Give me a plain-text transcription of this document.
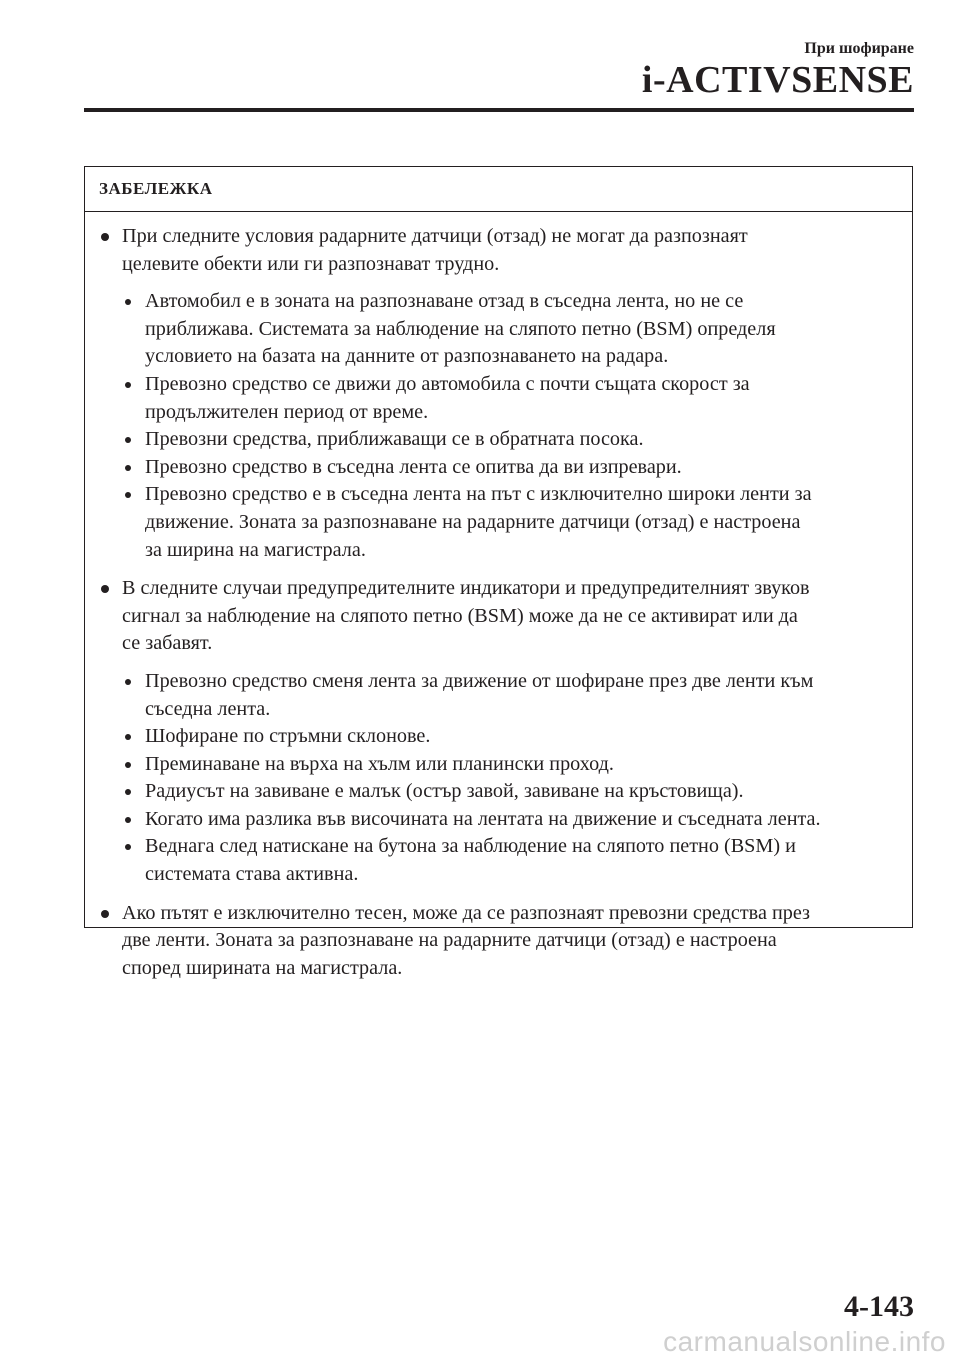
При шофиране
i-ACTIVSENSE
ЗАБЕЛЕЖКА
При следните условия радарните датчици (отзад) не могат да разпознаят
целевите обекти или ги разпознават трудно.
Автомобил е в зоната на разпознаване отзад в съседна лента, но не се
приближава. Системата за наблюдение на сляпото петно (BSM) определя
условието на базата на данните от разпознаването на радара.
Превозно средство се движи до автомобила с почти същата скорост за
продължителен период от време.
Превозни средства, приближаващи се в обратната посока.
Превозно средство в съседна лента се опитва да ви изпревари.
Превозно средство е в съседна лента на път с изключително широки ленти за
движение. Зоната за разпознаване на радарните датчици (отзад) е настроена
за ширина на магистрала.
В следните случаи предупредителните индикатори и предупредителният звуков
сигнал за наблюдение на сляпото петно (BSM) може да не се активират или да
се забавят.
Превозно средство сменя лента за движение от шофиране през две ленти към
съседна лента.
Шофиране по стръмни склонове.
Преминаване на върха на хълм или планински проход.
Радиусът на завиване е малък (остър завой, завиване на кръстовища).
Когато има разлика във височината на лентата на движение и съседната лента.
Веднага след натискане на бутона за наблюдение на сляпото петно (BSM) и
системата става активна.
Ако пътят е изключително тесен, може да се разпознаят превозни средства през
две ленти. Зоната за разпознаване на радарните датчици (отзад) е настроена
според ширината на магистрала.
4-143
carmanualsonline.info
